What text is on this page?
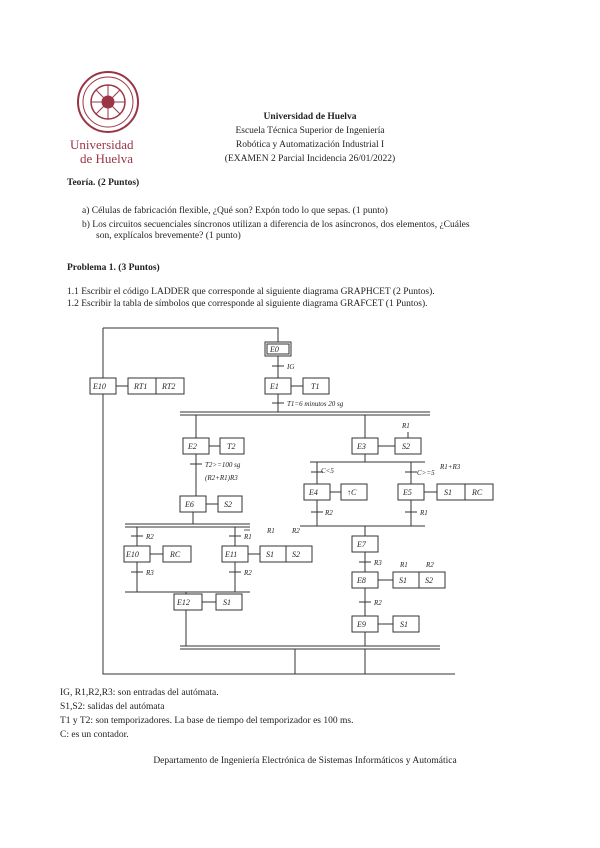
Universidad
de Huelva
Universidad de Huelva
Escuela Técnica Superior de Ingeniería
Robótica y Automatización Industrial I
(EXAMEN 2 Parcial Incidencia 26/01/2022)
Teoría. (2 Puntos)
a) Células de fabricación flexible, ¿Qué son? Expón todo lo que sepas. (1 punto)
b) Los circuitos secuenciales síncronos utilizan a diferencia de los asíncronos, dos elementos, ¿Cuáles
son, explícalos brevemente? (1 punto)
Problema 1. (3 Puntos)
1.1 Escribir el código LADDER que corresponde al siguiente diagrama GRAPHCET (2 Puntos).
1.2 Escribir la tabla de símbolos que corresponde al siguiente diagrama GRAFCET (1 Puntos).
E0
E1
E10
E2	E3
E4	E5
E6
E7
E8
E9
E10	E11
E12
T1
RT1 RT2
T2	S2
↑C	S1	RC
S2
S1 S2
S1
RC	S1 S2
S1
IG
T1=6 minutos 20 sg
T2>=100 sg
(R2+R1)R3
R1
C<5	C>=5
R1+R3
R2	R1
R2
R3
R1
R2
R1 R2
R3	R1	R2
R2
IG, R1,R2,R3: son entradas del autómata.
S1,S2: salidas del autómata
T1 y T2: son temporizadores. La base de tiempo del temporizador es 100 ms.
C: es un contador.
Departamento de Ingeniería Electrónica de Sistemas Informáticos y Automática
